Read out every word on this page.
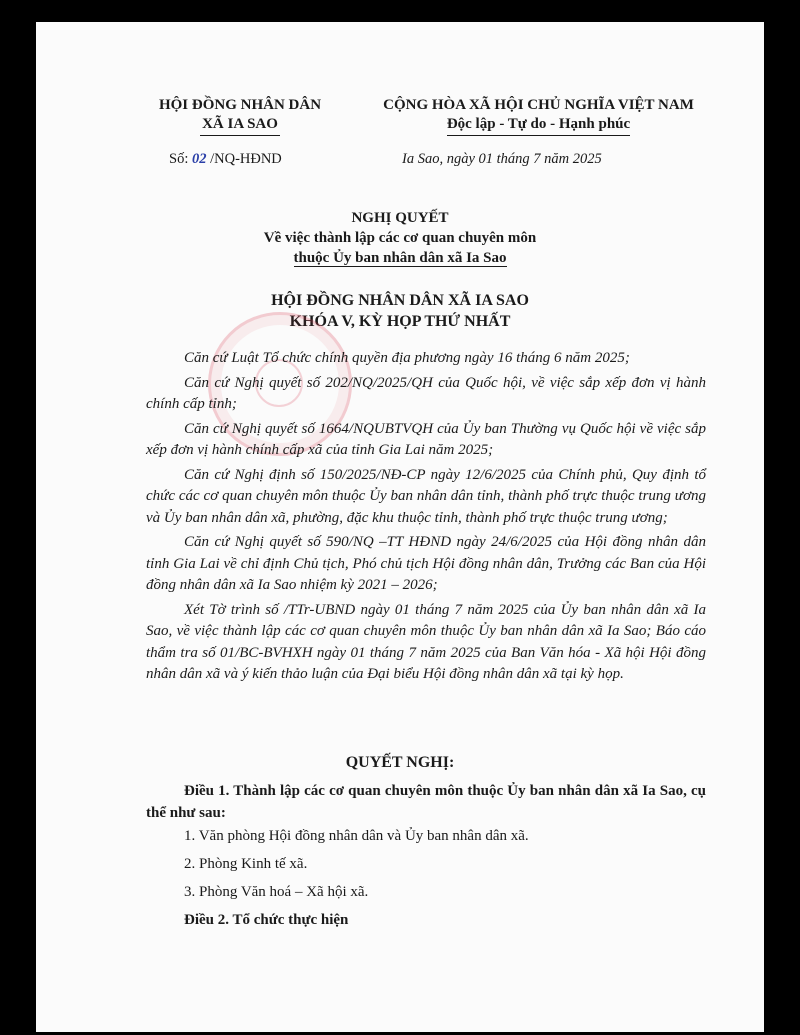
HỘI ĐỒNG NHÂN DÂN
XÃ IA SAO
CỘNG HÒA XÃ HỘI CHỦ NGHĨA VIỆT NAM
Độc lập - Tự do - Hạnh phúc
Số: 02 /NQ-HĐND	Ia Sao, ngày 01 tháng 7 năm 2025
NGHỊ QUYẾT
Về việc thành lập các cơ quan chuyên môn
thuộc Ủy ban nhân dân xã Ia Sao
HỘI ĐỒNG NHÂN DÂN XÃ IA SAO
KHÓA V, KỲ HỌP THỨ NHẤT

Căn cứ Luật Tổ chức chính quyền địa phương ngày 16 tháng 6 năm 2025;

Căn cứ Nghị quyết số 202/NQ/2025/QH của Quốc hội, về việc sắp xếp đơn vị hành chính cấp tỉnh;

Căn cứ Nghị quyết số 1664/NQUBTVQH của Ủy ban Thường vụ Quốc hội về việc sắp xếp đơn vị hành chính cấp xã của tỉnh Gia Lai năm 2025;

Căn cứ Nghị định số 150/2025/NĐ-CP ngày 12/6/2025 của Chính phủ, Quy định tổ chức các cơ quan chuyên môn thuộc Ủy ban nhân dân tỉnh, thành phố trực thuộc trung ương và Ủy ban nhân dân xã, phường, đặc khu thuộc tỉnh, thành phố trực thuộc trung ương;

Căn cứ Nghị quyết số 590/NQ –TT HĐND ngày 24/6/2025 của Hội đồng nhân dân tỉnh Gia Lai về chỉ định Chủ tịch, Phó chủ tịch Hội đồng nhân dân, Trưởng các Ban của Hội đồng nhân dân xã Ia Sao nhiệm kỳ 2021 – 2026;

Xét Tờ trình số /TTr-UBND ngày 01 tháng 7 năm 2025 của Ủy ban nhân dân xã Ia Sao, về việc thành lập các cơ quan chuyên môn thuộc Ủy ban nhân dân xã Ia Sao; Báo cáo thẩm tra số 01/BC-BVHXH ngày 01 tháng 7 năm 2025 của Ban Văn hóa - Xã hội Hội đồng nhân dân xã và ý kiến thảo luận của Đại biểu Hội đồng nhân dân xã tại kỳ họp.

QUYẾT NGHỊ:
Điều 1. Thành lập các cơ quan chuyên môn thuộc Ủy ban nhân dân xã Ia Sao, cụ thể như sau:
1. Văn phòng Hội đồng nhân dân và Ủy ban nhân dân xã.
2. Phòng Kinh tế xã.
3. Phòng Văn hoá – Xã hội xã.
Điều 2. Tổ chức thực hiện
